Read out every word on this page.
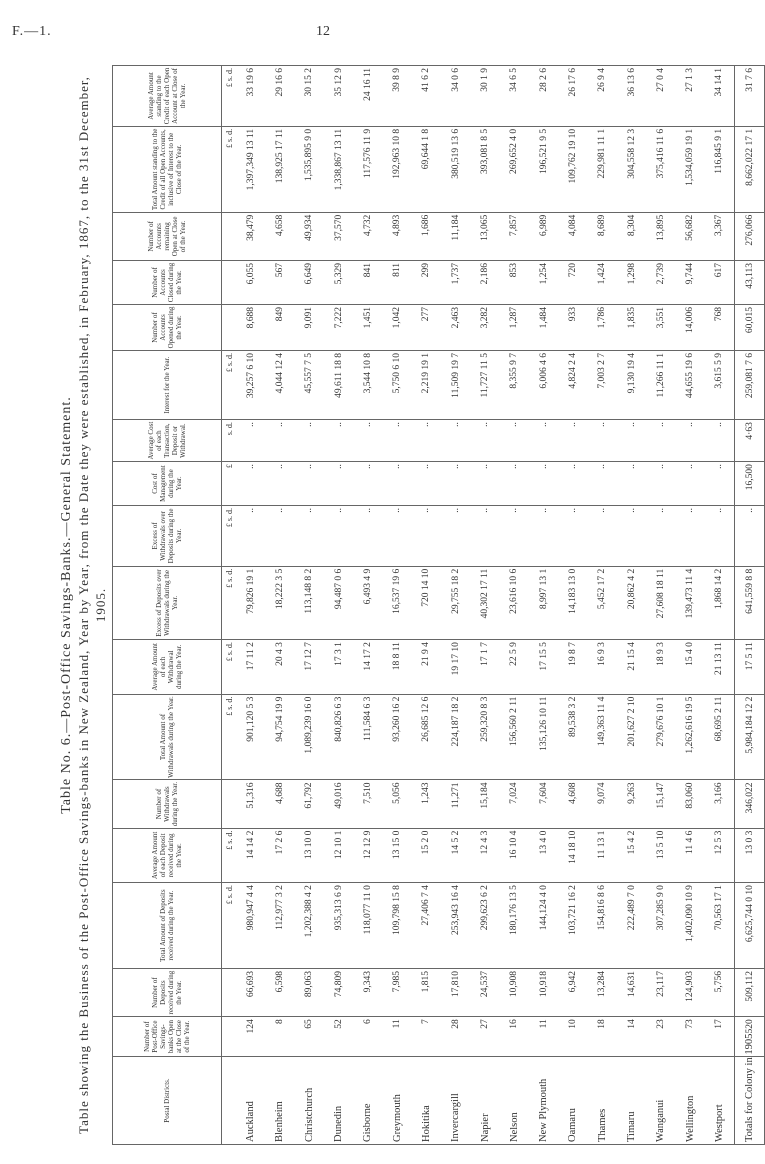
F.—1.	12
Table No. 6.—Post-Office Savings-Banks.—General Statement. Table showing the Business of the Post-Office Savings-banks in New Zealand, Year by Year, from the Date they were established, in February, 1867, to the 31st December, 1905.
Postal Districts.	Number of Post-Office Savings-banks Open at the Close of the Year.	Number of Deposits received during the Year.	Total Amount of Deposits received during the Year.	Average Amount of each Deposit received during the Year.	Number of Withdrawals during the Year.	Total Amount of Withdrawals during the Year.	Average Amount of each Withdrawal during the Year.	Excess of Deposits over Withdrawals during the Year.	Excess of Withdrawals over Deposits during the Year.	Cost of Management during the Year.	Average Cost of each Transaction, Deposit or Withdrawal.	Interest for the Year.	Number of Accounts Opened during the Year.	Number of Accounts Closed during the Year.	Number of Accounts remaining Open at Close of the Year.	Total Amount standing to the Credit of all Open Accounts, inclusive of Interest to the Close of the Year.	Average Amount standing to the Credit of each Open Account at Close of the Year.
			£ s. d.	£ s. d.		£ s. d.	£ s. d.	£ s. d.	£ s. d.	£	s. d.	£ s. d.				£ s. d.	£ s. d.
Auckland	124	66,693	980,947 4 4	14 14 2	51,316	901,120 5 3	17 11 2	79,826 19 1	..	..	..	39,257 6 10	8,688	6,055	38,479	1,397,349 13 11	33 19 6
Blenheim	8	6,598	112,977 3 2	17 2 6	4,688	94,754 19 9	20 4 3	18,222 3 5	..	..	..	4,044 12 4	849	567	4,658	138,925 17 11	29 16 6
Christchurch	65	89,063	1,202,388 4 2	13 10 0	61,792	1,089,239 16 0	17 12 7	113,148 8 2	..	..	..	45,557 7 5	9,091	6,649	49,934	1,535,895 9 0	30 15 2
Dunedin	52	74,809	935,313 6 9	12 10 1	49,016	840,826 6 3	17 3 1	94,487 0 6	..	..	..	49,611 18 8	7,222	5,329	37,570	1,338,867 13 11	35 12 9
Gisborne	6	9,343	118,077 11 0	12 12 9	7,510	111,584 6 3	14 17 2	6,493 4 9	..	..	..	3,544 10 8	1,451	841	4,732	117,576 11 9	24 16 11
Greymouth	11	7,985	109,798 15 8	13 15 0	5,056	93,260 16 2	18 8 11	16,537 19 6	..	..	..	5,750 6 10	1,042	811	4,893	192,963 10 8	39 8 9
Hokitika	7	1,815	27,406 7 4	15 2 0	1,243	26,685 12 6	21 9 4	720 14 10	..	..	..	2,219 19 1	277	299	1,686	69,644 1 8	41 6 2
Invercargill	28	17,810	253,943 16 4	14 5 2	11,271	224,187 18 2	19 17 10	29,755 18 2	..	..	..	11,509 19 7	2,463	1,737	11,184	380,519 13 6	34 0 6
Napier	27	24,537	299,623 6 2	12 4 3	15,184	259,320 8 3	17 1 7	40,302 17 11	..	..	..	11,727 11 5	3,282	2,186	13,065	393,081 8 5	30 1 9
Nelson	16	10,908	180,176 13 5	16 10 4	7,024	156,560 2 11	22 5 9	23,616 10 6	..	..	..	8,355 9 7	1,287	853	7,857	269,652 4 0	34 6 5
New Plymouth	11	10,918	144,124 4 0	13 4 0	7,604	135,126 10 11	17 15 5	8,997 13 1	..	..	..	6,006 4 6	1,484	1,254	6,989	196,521 9 5	28 2 6
Oamaru	10	6,942	103,721 16 2	14 18 10	4,608	89,538 3 2	19 8 7	14,183 13 0	..	..	..	4,824 2 4	933	720	4,084	109,762 19 10	26 17 6
Thames	18	13,284	154,816 8 6	11 13 1	9,074	149,363 11 4	16 9 3	5,452 17 2	..	..	..	7,003 2 7	1,786	1,424	8,689	229,981 11 1	26 9 4
Timaru	14	14,631	222,489 7 0	15 4 2	9,263	201,627 2 10	21 15 4	20,862 4 2	..	..	..	9,130 19 4	1,835	1,298	8,304	304,558 12 3	36 13 6
Wanganui	23	23,117	307,285 9 0	13 5 10	15,147	279,676 10 1	18 9 3	27,608 18 11	..	..	..	11,266 11 1	3,551	2,739	13,895	375,416 11 6	27 0 4
Wellington	73	124,903	1,402,090 10 9	11 4 6	83,060	1,262,616 19 5	15 4 0	139,473 11 4	..	..	..	44,655 19 6	14,006	9,744	56,682	1,534,059 19 1	27 1 3
Westport	17	5,756	70,563 17 1	12 5 3	3,166	68,695 2 11	21 13 11	1,868 14 2	..	..	..	3,615 5 9	768	617	3,367	116,845 9 1	34 14 1
Totals for Colony in 1905	520	509,112	6,625,744 0 10	13 0 3	346,022	5,984,184 12 2	17 5 11	641,559 8 8	..	16,500	4·63	259,081 7 6	60,015	43,113	276,066	8,662,022 17 1	31 7 6
